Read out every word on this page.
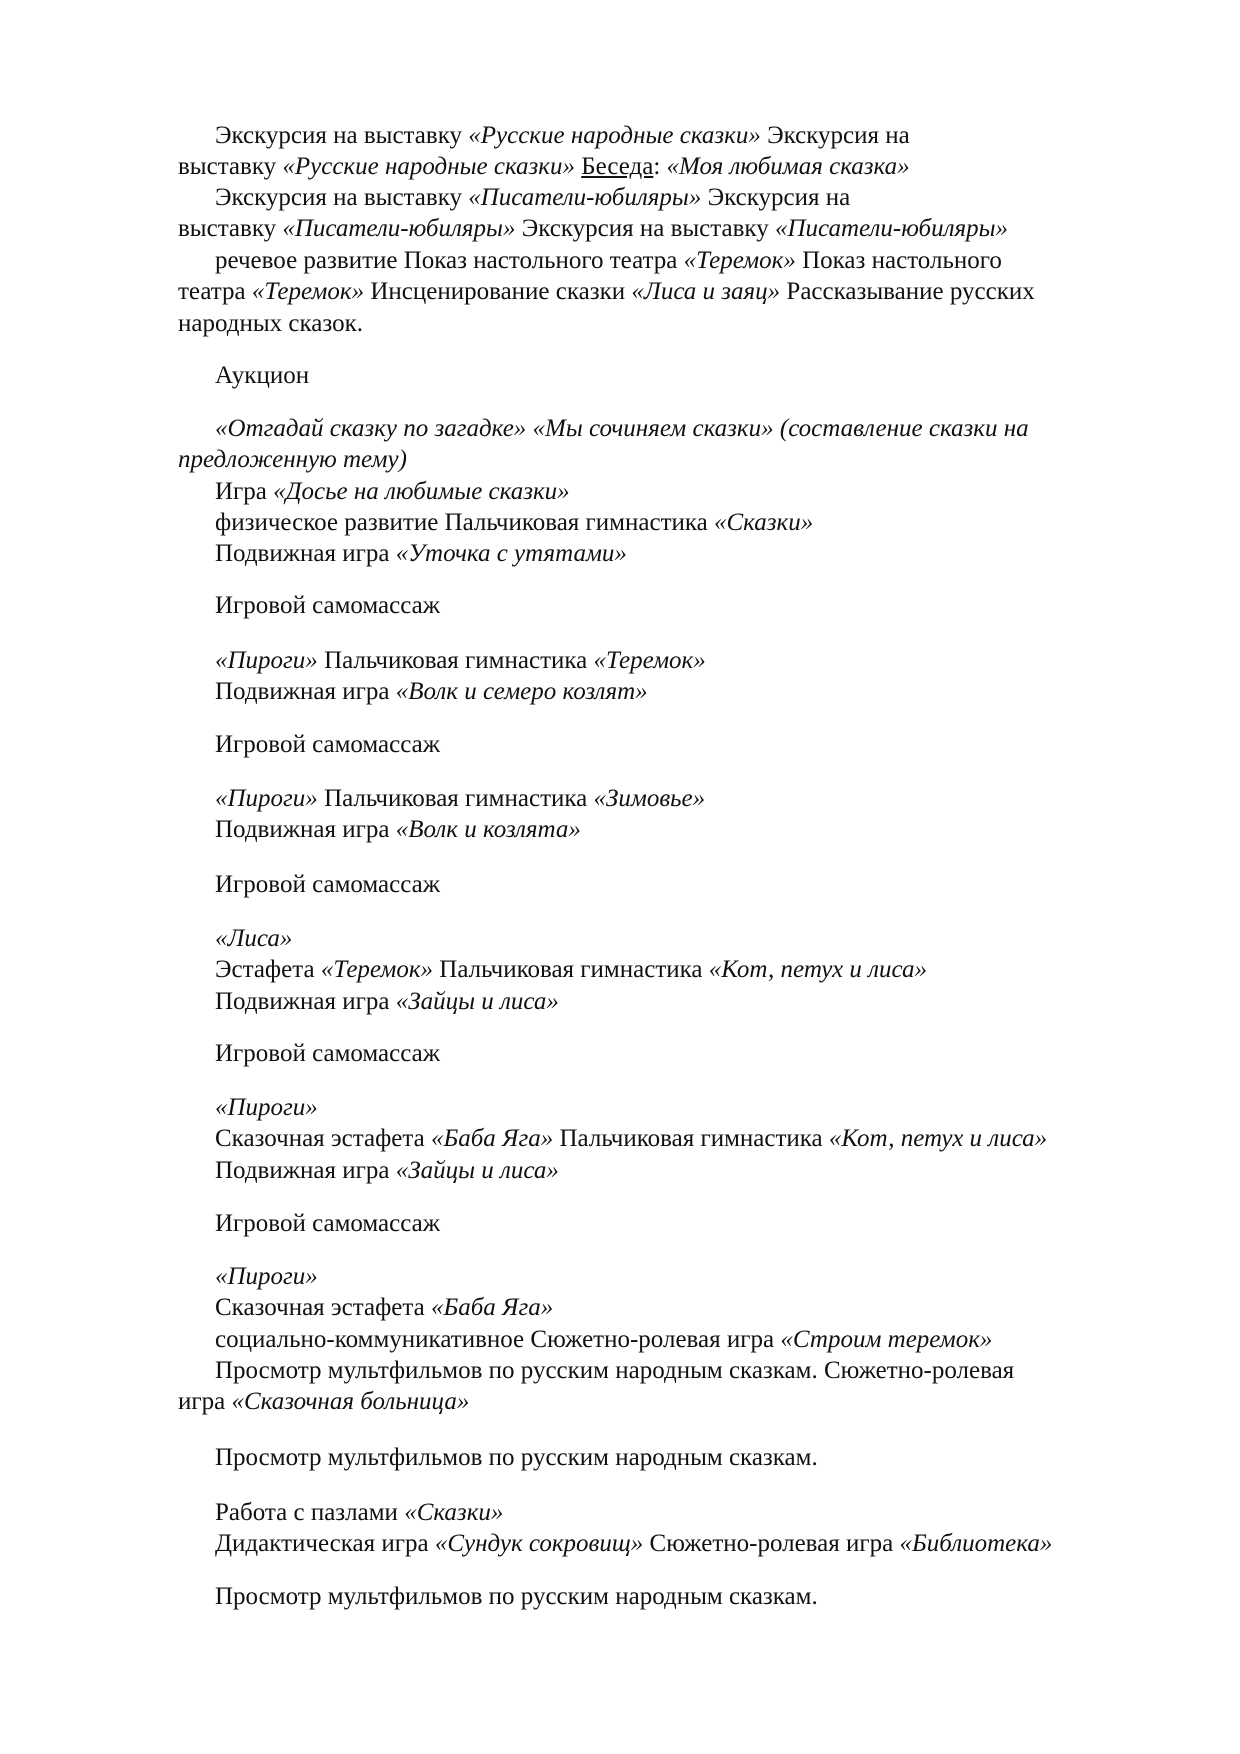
Экскурсия на выставку «Русские народные сказки» Экскурсия на
выставку «Русские народные сказки» Беседа: «Моя любимая сказка»
Экскурсия на выставку «Писатели-юбиляры» Экскурсия на
выставку «Писатели-юбиляры» Экскурсия на выставку «Писатели-юбиляры»
речевое развитие Показ настольного театра «Теремок» Показ настольного
театра «Теремок» Инсценирование сказки «Лиса и заяц» Рассказывание русских
народных сказок.
Аукцион
«Отгадай сказку по загадке» «Мы сочиняем сказки» (составление сказки на
предложенную тему)
Игра «Досье на любимые сказки»
физическое развитие Пальчиковая гимнастика «Сказки»
Подвижная игра «Уточка с утятами»
Игровой самомассаж
«Пироги» Пальчиковая гимнастика «Теремок»
Подвижная игра «Волк и семеро козлят»
Игровой самомассаж
«Пироги» Пальчиковая гимнастика «Зимовье»
Подвижная игра «Волк и козлята»
Игровой самомассаж
«Лиса»
Эстафета «Теремок» Пальчиковая гимнастика «Кот, петух и лиса»
Подвижная игра «Зайцы и лиса»
Игровой самомассаж
«Пироги»
Сказочная эстафета «Баба Яга» Пальчиковая гимнастика «Кот, петух и лиса»
Подвижная игра «Зайцы и лиса»
Игровой самомассаж
«Пироги»
Сказочная эстафета «Баба Яга»
социально-коммуникативное Сюжетно-ролевая игра «Строим теремок»
Просмотр мультфильмов по русским народным сказкам. Сюжетно-ролевая
игра «Сказочная больница»
Просмотр мультфильмов по русским народным сказкам.
Работа с пазлами «Сказки»
Дидактическая игра «Сундук сокровищ» Сюжетно-ролевая игра «Библиотека»
Просмотр мультфильмов по русским народным сказкам.
